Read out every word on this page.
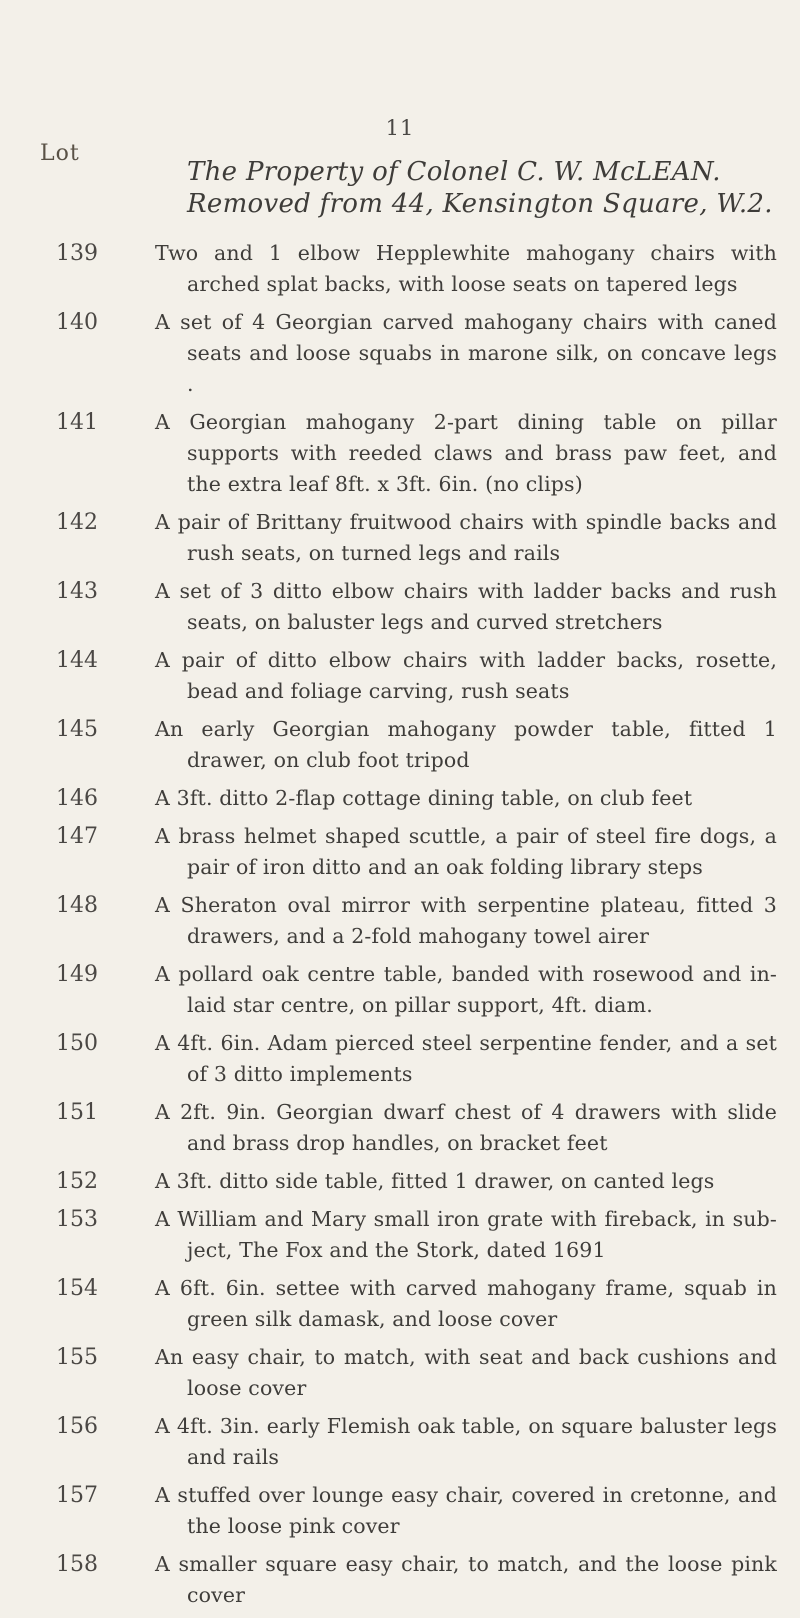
11
Lot
The Property of Colonel C. W. McLEAN.
Removed from 44, Kensington Square, W.2.
139	Two and 1 elbow Hepplewhite mahogany chairs with arched splat backs, with loose seats on tapered legs
140	A set of 4 Georgian carved mahogany chairs with caned seats and loose squabs in marone silk, on concave legs .
141	A Georgian mahogany 2-part dining table on pillar supports with reeded claws and brass paw feet, and the extra leaf 8ft. x 3ft. 6in. (no clips)
142	A pair of Brittany fruitwood chairs with spindle backs and rush seats, on turned legs and rails
143	A set of 3 ditto elbow chairs with ladder backs and rush seats, on baluster legs and curved stretchers
144	A pair of ditto elbow chairs with ladder backs, rosette, bead and foliage carving, rush seats
145	An early Georgian mahogany powder table, fitted 1 drawer, on club foot tripod
146	A 3ft. ditto 2-flap cottage dining table, on club feet
147	A brass helmet shaped scuttle, a pair of steel fire dogs, a pair of iron ditto and an oak folding library steps
148	A Sheraton oval mirror with serpentine plateau, fitted 3 drawers, and a 2-fold mahogany towel airer
149	A pollard oak centre table, banded with rosewood and in-laid star centre, on pillar support, 4ft. diam.
150	A 4ft. 6in. Adam pierced steel serpentine fender, and a set of 3 ditto implements
151	A 2ft. 9in. Georgian dwarf chest of 4 drawers with slide and brass drop handles, on bracket feet
152	A 3ft. ditto side table, fitted 1 drawer, on canted legs
153	A William and Mary small iron grate with fireback, in sub-ject, The Fox and the Stork, dated 1691
154	A 6ft. 6in. settee with carved mahogany frame, squab in green silk damask, and loose cover
155	An easy chair, to match, with seat and back cushions and loose cover
156	A 4ft. 3in. early Flemish oak table, on square baluster legs and rails
157	A stuffed over lounge easy chair, covered in cretonne, and the loose pink cover
158	A smaller square easy chair, to match, and the loose pink cover
